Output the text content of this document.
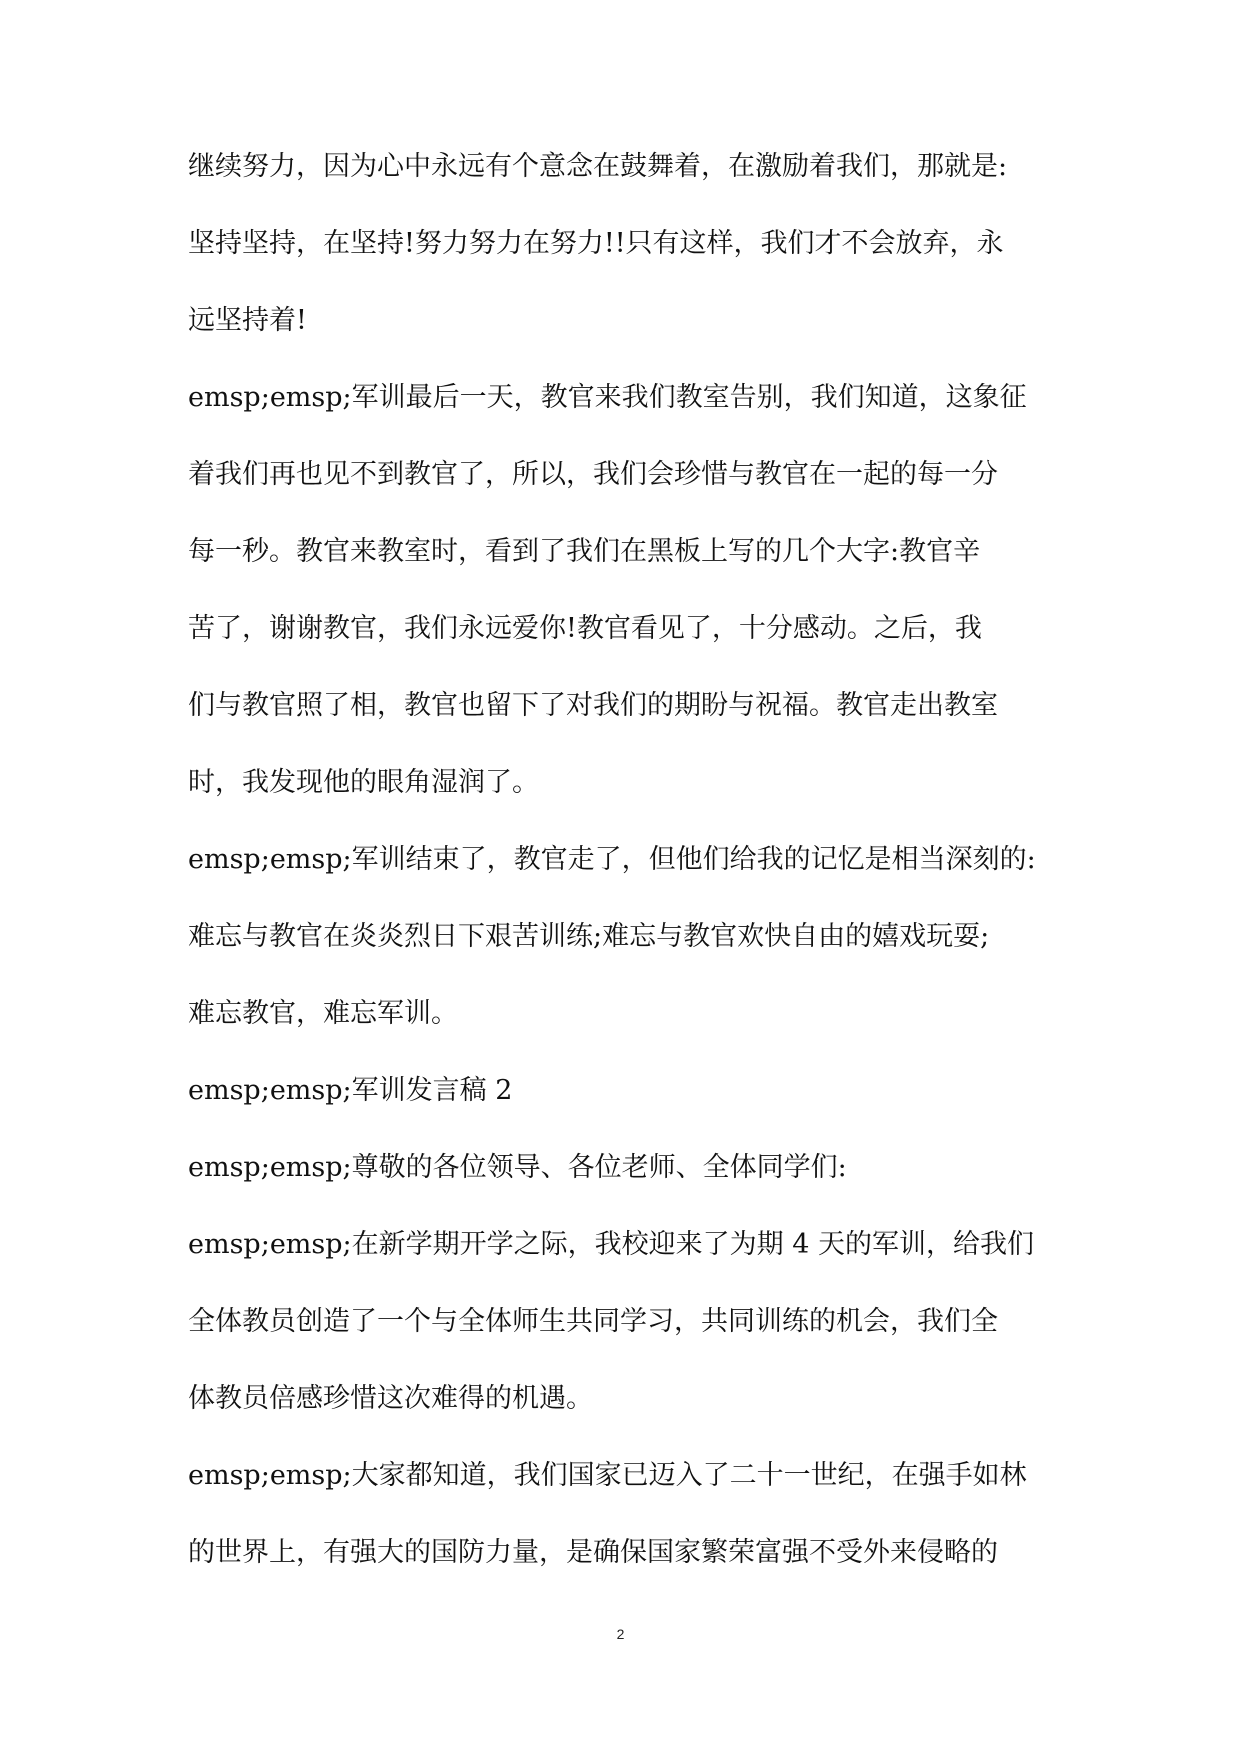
继续努力，因为心中永远有个意念在鼓舞着，在激励着我们，那就是:
坚持坚持，在坚持!努力努力在努力!!只有这样，我们才不会放弃，永
远坚持着!
emsp;emsp;军训最后一天，教官来我们教室告别，我们知道，这象征
着我们再也见不到教官了，所以，我们会珍惜与教官在一起的每一分
每一秒。教官来教室时，看到了我们在黑板上写的几个大字:教官辛
苦了，谢谢教官，我们永远爱你!教官看见了，十分感动。之后，我
们与教官照了相，教官也留下了对我们的期盼与祝福。教官走出教室
时，我发现他的眼角湿润了。
emsp;emsp;军训结束了，教官走了，但他们给我的记忆是相当深刻的:
难忘与教官在炎炎烈日下艰苦训练;难忘与教官欢快自由的嬉戏玩耍;
难忘教官，难忘军训。
emsp;emsp;军训发言稿 2
emsp;emsp;尊敬的各位领导、各位老师、全体同学们:
emsp;emsp;在新学期开学之际，我校迎来了为期 4 天的军训，给我们
全体教员创造了一个与全体师生共同学习，共同训练的机会，我们全
体教员倍感珍惜这次难得的机遇。
emsp;emsp;大家都知道，我们国家已迈入了二十一世纪，在强手如林
的世界上，有强大的国防力量，是确保国家繁荣富强不受外来侵略的
2
